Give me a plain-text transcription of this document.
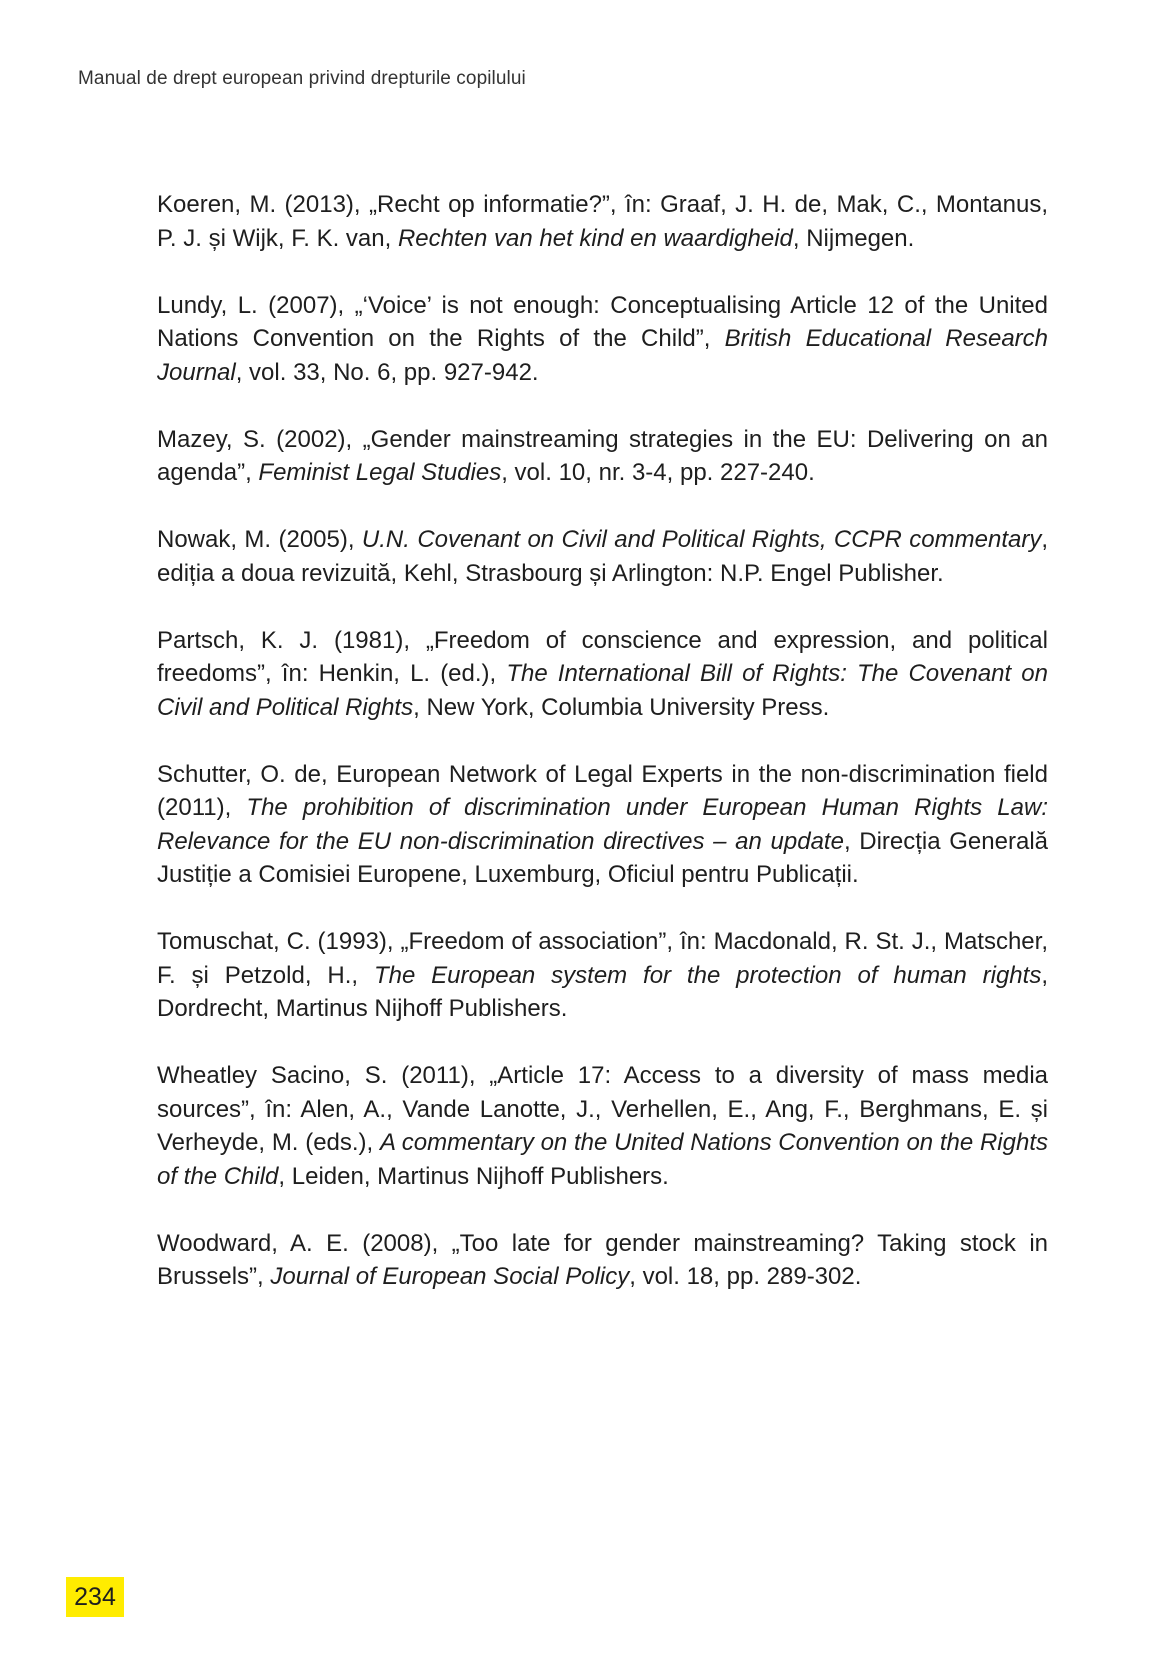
Manual de drept european privind drepturile copilului

Koeren, M. (2013), „Recht op informatie?”, în: Graaf, J. H. de, Mak, C., Montanus, P. J. și Wijk, F. K. van, Rechten van het kind en waardigheid, Nijmegen.

Lundy, L. (2007), „‘Voice’ is not enough: Conceptualising Article 12 of the United Nations Convention on the Rights of the Child”, British Educational Research Journal, vol. 33, No. 6, pp. 927-942.

Mazey, S. (2002), „Gender mainstreaming strategies in the EU: Delivering on an agenda”, Feminist Legal Studies, vol. 10, nr. 3-4, pp. 227-240.

Nowak, M. (2005), U.N. Covenant on Civil and Political Rights, CCPR commentary, ediția a doua revizuită, Kehl, Strasbourg și Arlington: N.P. Engel Publisher.

Partsch, K. J. (1981), „Freedom of conscience and expression, and political freedoms”, în: Henkin, L. (ed.), The International Bill of Rights: The Covenant on Civil and Political Rights, New York, Columbia University Press.

Schutter, O. de, European Network of Legal Experts in the non-discrimination field (2011), The prohibition of discrimination under European Human Rights Law: Relevance for the EU non-discrimination directives – an update, Direcția Generală Justiție a Comisiei Europene, Luxemburg, Oficiul pentru Publicații.

Tomuschat, C. (1993), „Freedom of association”, în: Macdonald, R. St. J., Matscher, F. și Petzold, H., The European system for the protection of human rights, Dordrecht, Martinus Nijhoff Publishers.

Wheatley Sacino, S. (2011), „Article 17: Access to a diversity of mass media sources”, în: Alen, A., Vande Lanotte, J., Verhellen, E., Ang, F., Berghmans, E. și Verheyde, M. (eds.), A commentary on the United Nations Convention on the Rights of the Child, Leiden, Martinus Nijhoff Publishers.

Woodward, A. E. (2008), „Too late for gender mainstreaming? Taking stock in Brussels”, Journal of European Social Policy, vol. 18, pp. 289-302.

234
